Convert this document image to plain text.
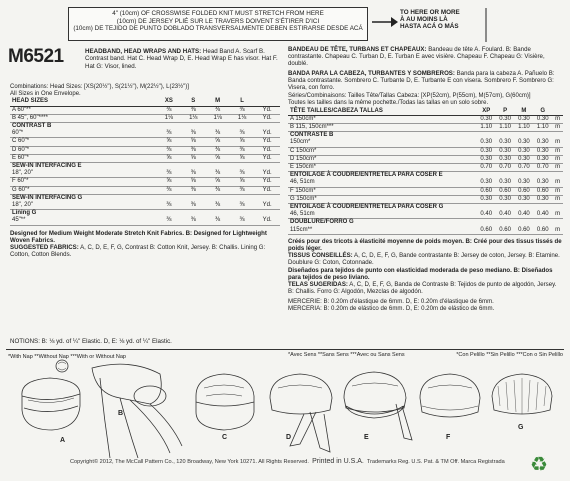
4" (10cm) OF CROSSWISE FOLDED KNIT MUST STRETCH FROM HERE
(10cm) DE JERSEY PLIÉ SUR LE TRAVERS DOIVENT S'ÉTIRER D'ICI
(10cm) DE TEJIDO DE PUNTO DOBLADO TRANSVERSALMENTE DEBEN ESTIRARSE DESDE ACÁ
TO HERE OR MORE
À AU MOINS LÀ
HASTA ACÁ O MÁS
M6521	HEADBAND, HEAD WRAPS AND HATS: Head Band A. Scarf B. Contrast band. Hat C. Head Wrap D, E. Head Wrap E has visor. Hat F. Hat G: Visor, lined.
Combinations: Head Sizes: [XS(20½"), S(21½"), M(22½"), L(23½")]
All Sizes in One Envelope.
HEAD SIZES	XS	S	M	L	
A 60"**	⅜	⅜	⅜	⅜	Yd.
B 45", 60"****	1⅛	1⅛	1⅛	1⅛	Yd.
CONTRAST B					
60"*	⅜	⅜	⅜	⅜	Yd.
C 60"*	⅝	⅝	⅝	⅝	Yd.
D 60"*	⅜	⅜	⅜	⅜	Yd.
E 60"*	⅝	⅝	⅝	⅝	Yd.
SEW-IN INTERFACING E					
18", 20"	⅜	⅜	⅜	⅜	Yd.
F 60"*	⅝	⅝	⅝	⅝	Yd.
G 60"*	⅜	⅜	⅜	⅜	Yd.
SEW-IN INTERFACING G					
18", 20"	⅜	⅜	⅜	⅜	Yd.
Lining G					
45"**	⅜	⅜	⅜	⅜	Yd.
Designed for Medium Weight Moderate Stretch Knit Fabrics. B: Designed for Lightweight Woven Fabrics.
SUGGESTED FABRICS: A, C, D, E, F, G, Contrast B: Cotton Knit, Jersey. B: Challis. Lining G: Cotton, Cotton Blends.
NOTIONS: B: ⅛ yd. of ¼" Elastic. D, E: ⅛ yd. of ¼" Elastic.
BANDEAU DE TÊTE, TURBANS ET CHAPEAUX: Bandeau de tête A. Foulard. B: Bande contrastante. Chapeau C. Turban D, E. Turban E avec visière. Chapeau F. Chapeau G: Visière, doublé.
BANDA PARA LA CABEZA, TURBANTES Y SOMBREROS: Banda para la cabeza A. Pañuelo B: Banda contrastante. Sombrero C. Turbante D, E. Turbante E con visera. Sombrero F. Sombrero G: Visera, con forro.
Séries/Combinaisons: Tailles Tête/Tallas Cabeza: [XP(52cm), P(55cm), M(57cm), G(60cm)]
Toutes les tailles dans la même pochette./Todas las tallas en un solo sobre.
TÊTE TAILLES/CABEZA TALLAS	XP	P	M	G	
A 150cm*	0.30	0.30	0.30	0.30	m
B 115, 150cm***	1.10	1.10	1.10	1.10	m
CONTRASTE B					
150cm*	0.30	0.30	0.30	0.30	m
C 150cm*	0.30	0.30	0.30	0.30	m
D 150cm*	0.30	0.30	0.30	0.30	m
E 150cm*	0.70	0.70	0.70	0.70	m
ENTOILAGE À COUDRE/ENTRETELA PARA COSER E					
46, 51cm	0.30	0.30	0.30	0.30	m
F 150cm*	0.60	0.60	0.60	0.60	m
G 150cm*	0.30	0.30	0.30	0.30	m
ENTOILAGE À COUDRE/ENTRETELA PARA COSER G					
46, 51cm	0.40	0.40	0.40	0.40	m
DOUBLURE/FORRO G					
115cm**	0.60	0.60	0.60	0.60	m
Créés pour des tricots à élasticité moyenne de poids moyen. B: Créé pour des tissus tissés de poids léger.
TISSUS CONSEILLÉS: A, C, D, E, F, G, Bande contrastante B: Jersey de coton, Jersey. B: Etamine. Doublure G: Coton, Cotonnade.
Diseñados para tejidos de punto con elasticidad moderada de peso mediano. B: Diseñados para tejidos de peso liviano.
TELAS SUGERIDAS: A, C, D, E, F, G, Banda de Contraste B: Tejidos de punto de algodón, Jersey. B: Challis. Forro G: Algodón, Mezclas de algodón.
MERCERIE: B: 0.20m d'élastique de 6mm. D, E: 0.20m d'élastique de 6mm.
MERCERIA: B: 0.20m de elástico de 6mm. D, E: 0.20m de elástico de 6mm.
*With Nap **Without Nap ***With or Without Nap	*Avec Sens **Sans Sens ***Avec ou Sans Sens	*Con Pelillo **Sin Pelillo ***Con o Sin Pelillo
A
B
C	D	E	F
G
Copyright© 2012, The McCall Pattern Co., 120 Broadway, New York 10271. All Rights Reserved. Printed in U.S.A. Trademarks Reg. U.S. Pat. & TM Off. Marca Registrada ♻
